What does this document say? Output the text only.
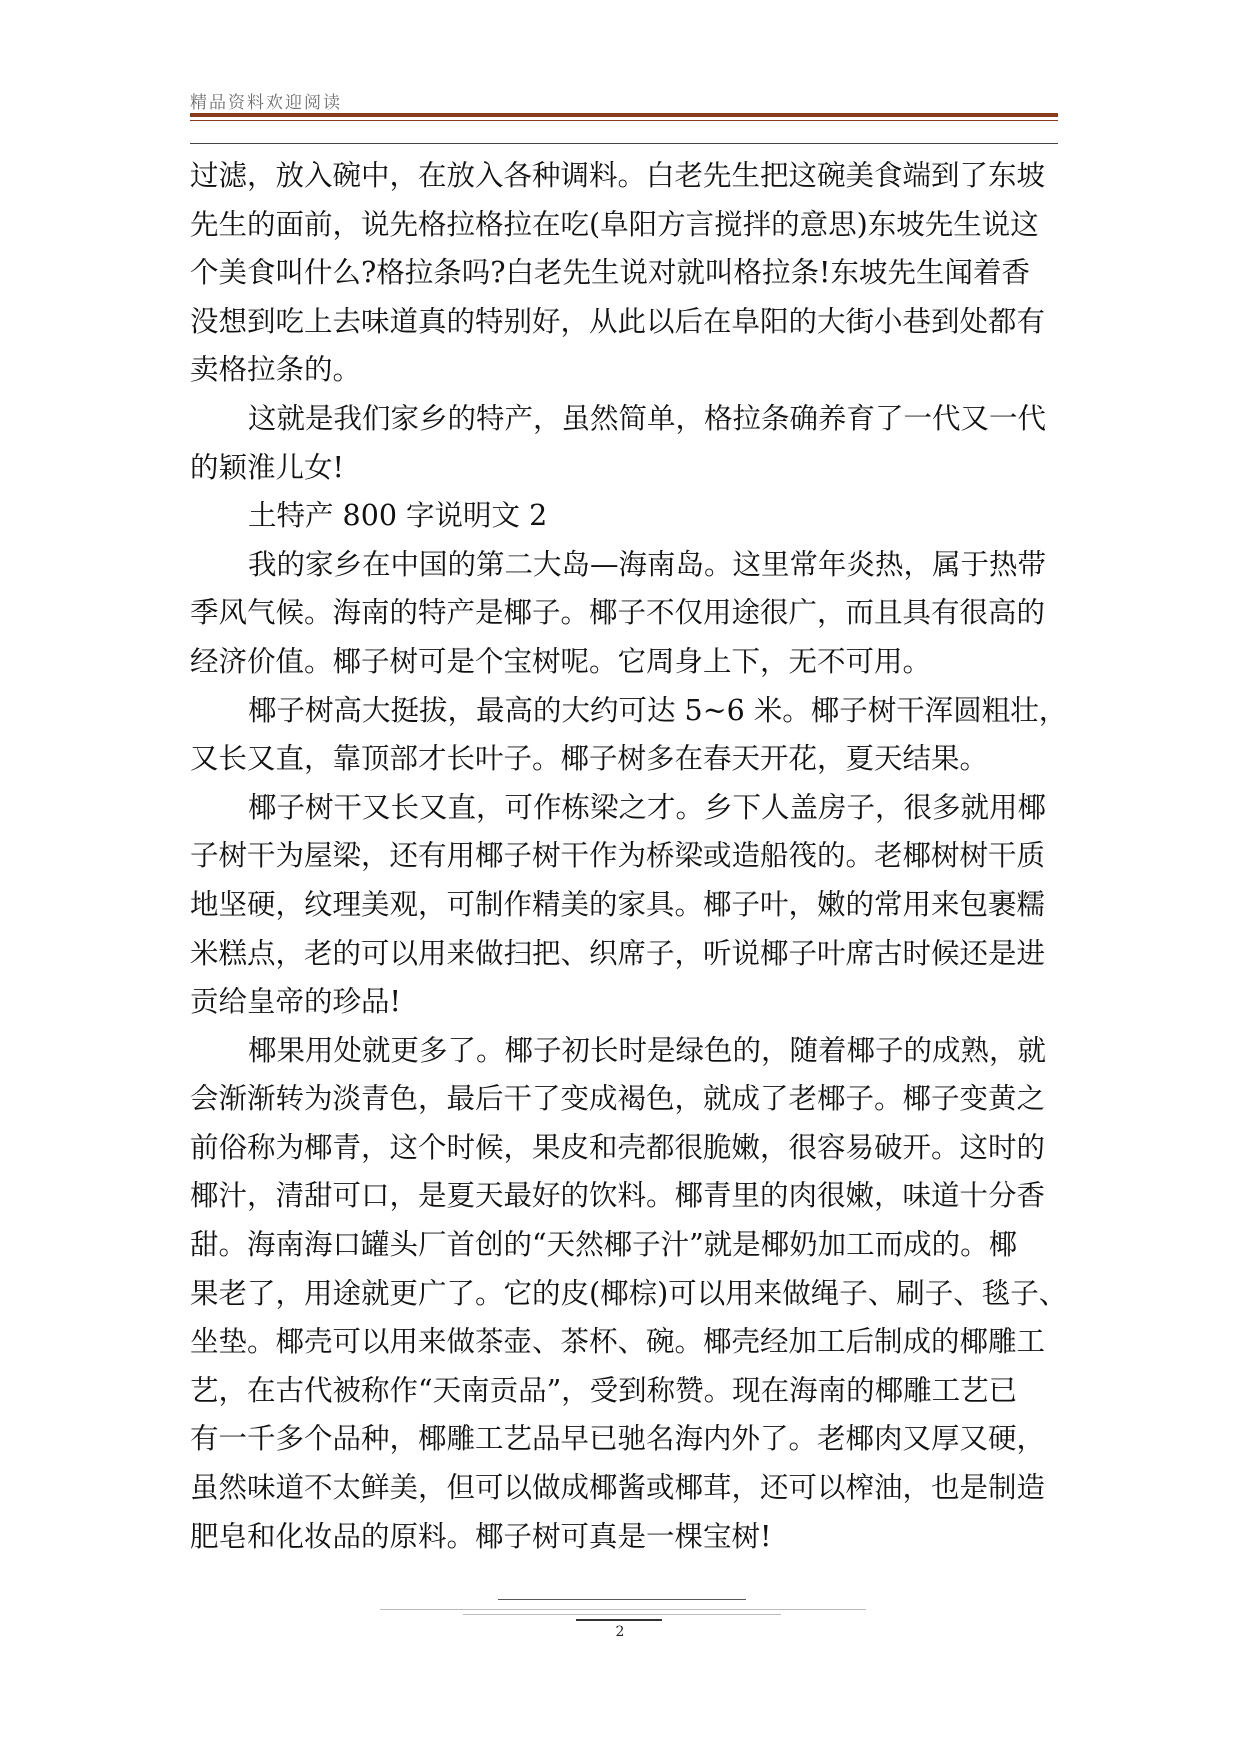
精品资料欢迎阅读
过滤，放入碗中，在放入各种调料。白老先生把这碗美食端到了东坡
先生的面前，说先格拉格拉在吃(阜阳方言搅拌的意思)东坡先生说这
个美食叫什么?格拉条吗?白老先生说对就叫格拉条!东坡先生闻着香
没想到吃上去味道真的特别好，从此以后在阜阳的大街小巷到处都有
卖格拉条的。
这就是我们家乡的特产，虽然简单，格拉条确养育了一代又一代
的颖淮儿女!
土特产 800 字说明文 2
我的家乡在中国的第二大岛—海南岛。这里常年炎热，属于热带
季风气候。海南的特产是椰子。椰子不仅用途很广，而且具有很高的
经济价值。椰子树可是个宝树呢。它周身上下，无不可用。
椰子树高大挺拔，最高的大约可达 5~6 米。椰子树干浑圆粗壮，
又长又直，靠顶部才长叶子。椰子树多在春天开花，夏天结果。
椰子树干又长又直，可作栋梁之才。乡下人盖房子，很多就用椰
子树干为屋梁，还有用椰子树干作为桥梁或造船筏的。老椰树树干质
地坚硬，纹理美观，可制作精美的家具。椰子叶，嫩的常用来包裹糯
米糕点，老的可以用来做扫把、织席子，听说椰子叶席古时候还是进
贡给皇帝的珍品!
椰果用处就更多了。椰子初长时是绿色的，随着椰子的成熟，就
会渐渐转为淡青色，最后干了变成褐色，就成了老椰子。椰子变黄之
前俗称为椰青，这个时候，果皮和壳都很脆嫩，很容易破开。这时的
椰汁，清甜可口，是夏天最好的饮料。椰青里的肉很嫩，味道十分香
甜。海南海口罐头厂首创的“天然椰子汁”就是椰奶加工而成的。椰
果老了，用途就更广了。它的皮(椰棕)可以用来做绳子、刷子、毯子、
坐垫。椰壳可以用来做茶壶、茶杯、碗。椰壳经加工后制成的椰雕工
艺，在古代被称作“天南贡品”，受到称赞。现在海南的椰雕工艺已
有一千多个品种，椰雕工艺品早已驰名海内外了。老椰肉又厚又硬，
虽然味道不太鲜美，但可以做成椰酱或椰茸，还可以榨油，也是制造
肥皂和化妆品的原料。椰子树可真是一棵宝树!
2
